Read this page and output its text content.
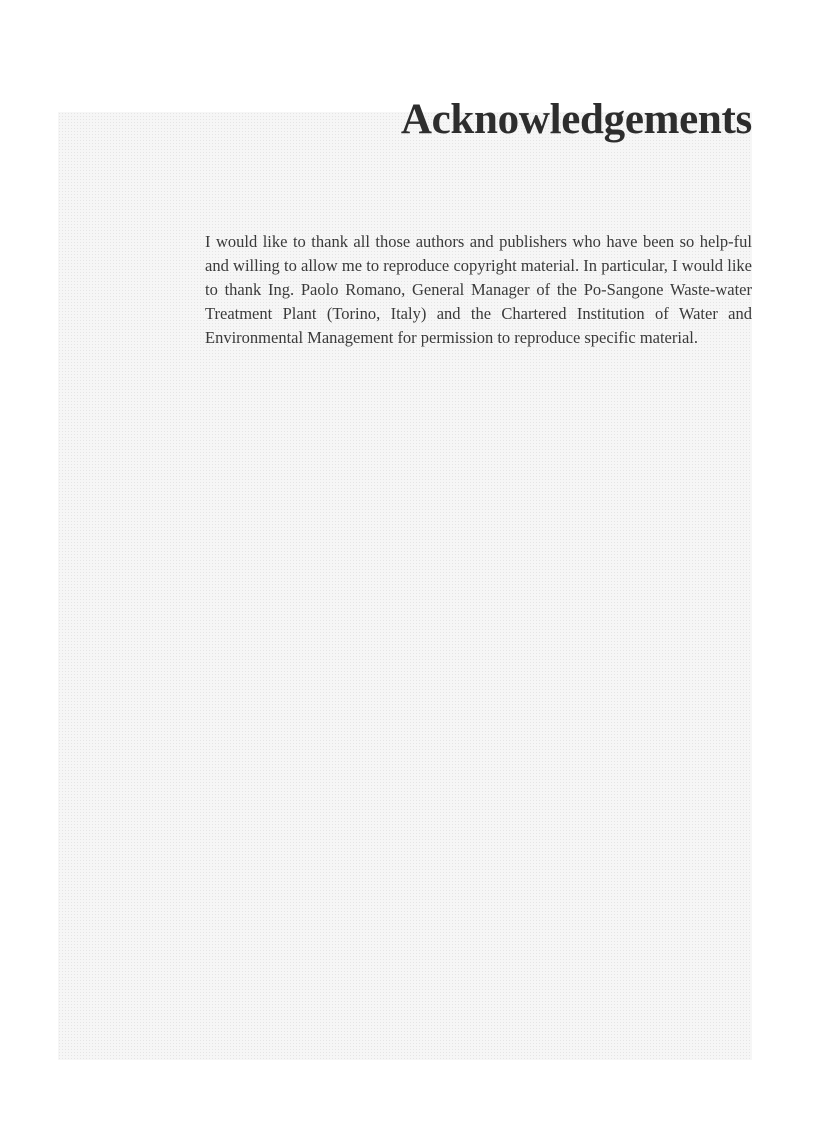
Acknowledgements

I would like to thank all those authors and publishers who have been so help-ful and willing to allow me to reproduce copyright material. In particular, I would like to thank Ing. Paolo Romano, General Manager of the Po-Sangone Waste-water Treatment Plant (Torino, Italy) and the Chartered Institution of Water and Environmental Management for permission to reproduce specific material.
